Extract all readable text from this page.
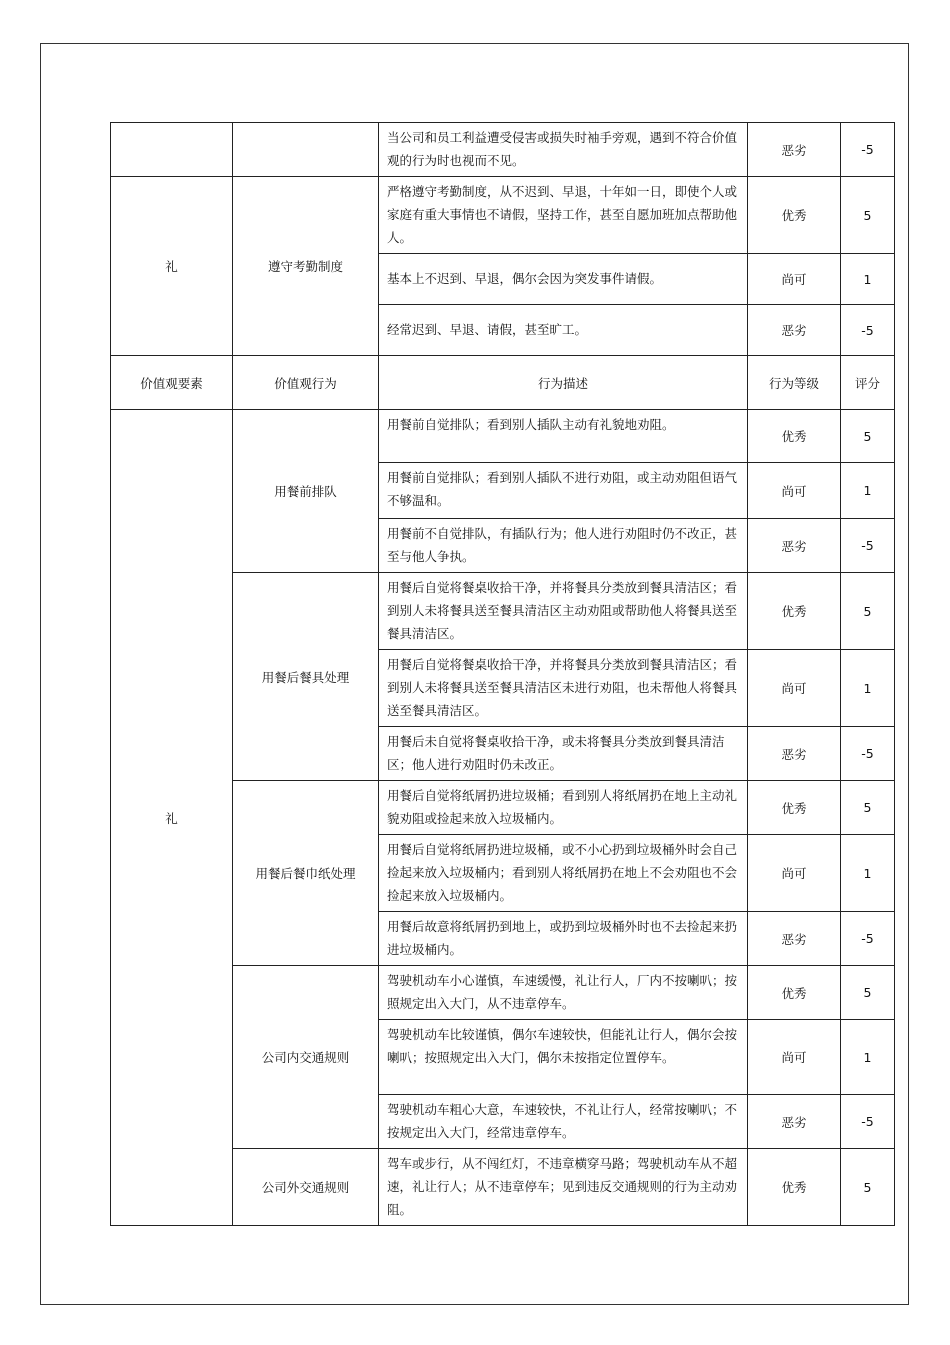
		当公司和员工利益遭受侵害或损失时袖手旁观，遇到不符合价值观的行为时也视而不见。	恶劣	-5
礼	遵守考勤制度	严格遵守考勤制度，从不迟到、早退，十年如一日，即使个人或家庭有重大事情也不请假，坚持工作，甚至自愿加班加点帮助他人。	优秀	5
		基本上不迟到、早退，偶尔会因为突发事件请假。	尚可	1
		经常迟到、早退、请假，甚至旷工。	恶劣	-5
价值观要素	价值观行为	行为描述	行为等级	评分
礼	用餐前排队	用餐前自觉排队；看到别人插队主动有礼貌地劝阻。	优秀	5
		用餐前自觉排队；看到别人插队不进行劝阻，或主动劝阻但语气不够温和。	尚可	1
		用餐前不自觉排队，有插队行为；他人进行劝阻时仍不改正，甚至与他人争执。	恶劣	-5
	用餐后餐具处理	用餐后自觉将餐桌收拾干净，并将餐具分类放到餐具清洁区；看到别人未将餐具送至餐具清洁区主动劝阻或帮助他人将餐具送至餐具清洁区。	优秀	5
		用餐后自觉将餐桌收拾干净，并将餐具分类放到餐具清洁区；看到别人未将餐具送至餐具清洁区未进行劝阻，也未帮他人将餐具送至餐具清洁区。	尚可	1
		用餐后未自觉将餐桌收拾干净，或未将餐具分类放到餐具清洁区；他人进行劝阻时仍未改正。	恶劣	-5
	用餐后餐巾纸处理	用餐后自觉将纸屑扔进垃圾桶；看到别人将纸屑扔在地上主动礼貌劝阻或捡起来放入垃圾桶内。	优秀	5
		用餐后自觉将纸屑扔进垃圾桶，或不小心扔到垃圾桶外时会自己捡起来放入垃圾桶内；看到别人将纸屑扔在地上不会劝阻也不会捡起来放入垃圾桶内。	尚可	1
		用餐后故意将纸屑扔到地上，或扔到垃圾桶外时也不去捡起来扔进垃圾桶内。	恶劣	-5
	公司内交通规则	驾驶机动车小心谨慎，车速缓慢，礼让行人，厂内不按喇叭；按照规定出入大门，从不违章停车。	优秀	5
		驾驶机动车比较谨慎，偶尔车速较快，但能礼让行人，偶尔会按喇叭；按照规定出入大门，偶尔未按指定位置停车。	尚可	1
		驾驶机动车粗心大意，车速较快，不礼让行人，经常按喇叭；不按规定出入大门，经常违章停车。	恶劣	-5
	公司外交通规则	驾车或步行，从不闯红灯，不违章横穿马路；驾驶机动车从不超速，礼让行人；从不违章停车；见到违反交通规则的行为主动劝阻。	优秀	5
